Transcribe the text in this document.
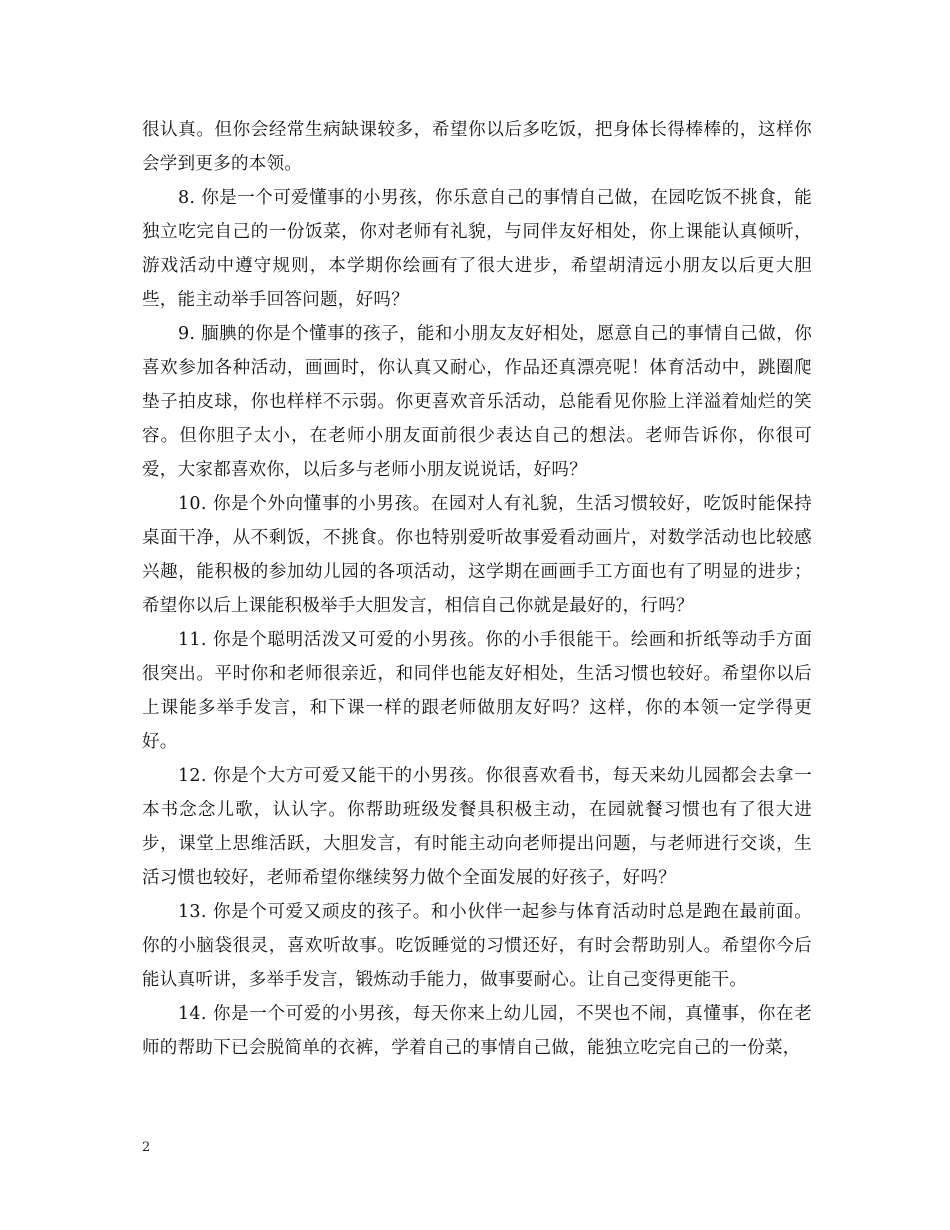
很认真。但你会经常生病缺课较多，希望你以后多吃饭，把身体长得棒棒的，这样你会学到更多的本领。

8. 你是一个可爱懂事的小男孩，你乐意自己的事情自己做，在园吃饭不挑食，能独立吃完自己的一份饭菜，你对老师有礼貌，与同伴友好相处，你上课能认真倾听，游戏活动中遵守规则，本学期你绘画有了很大进步，希望胡清远小朋友以后更大胆些，能主动举手回答问题，好吗？

9. 腼腆的你是个懂事的孩子，能和小朋友友好相处，愿意自己的事情自己做，你喜欢参加各种活动，画画时，你认真又耐心，作品还真漂亮呢！体育活动中，跳圈爬垫子拍皮球，你也样样不示弱。你更喜欢音乐活动，总能看见你脸上洋溢着灿烂的笑容。但你胆子太小，在老师小朋友面前很少表达自己的想法。老师告诉你，你很可爱，大家都喜欢你，以后多与老师小朋友说说话，好吗？

10. 你是个外向懂事的小男孩。在园对人有礼貌，生活习惯较好，吃饭时能保持桌面干净，从不剩饭，不挑食。你也特别爱听故事爱看动画片，对数学活动也比较感兴趣，能积极的参加幼儿园的各项活动，这学期在画画手工方面也有了明显的进步；希望你以后上课能积极举手大胆发言，相信自己你就是最好的，行吗？

11. 你是个聪明活泼又可爱的小男孩。你的小手很能干。绘画和折纸等动手方面很突出。平时你和老师很亲近，和同伴也能友好相处，生活习惯也较好。希望你以后上课能多举手发言，和下课一样的跟老师做朋友好吗？这样，你的本领一定学得更好。

12. 你是个大方可爱又能干的小男孩。你很喜欢看书，每天来幼儿园都会去拿一本书念念儿歌，认认字。你帮助班级发餐具积极主动，在园就餐习惯也有了很大进步，课堂上思维活跃，大胆发言，有时能主动向老师提出问题，与老师进行交谈，生活习惯也较好，老师希望你继续努力做个全面发展的好孩子，好吗？

13. 你是个可爱又顽皮的孩子。和小伙伴一起参与体育活动时总是跑在最前面。你的小脑袋很灵，喜欢听故事。吃饭睡觉的习惯还好，有时会帮助别人。希望你今后能认真听讲，多举手发言，锻炼动手能力，做事要耐心。让自己变得更能干。

14. 你是一个可爱的小男孩，每天你来上幼儿园，不哭也不闹，真懂事，你在老师的帮助下已会脱简单的衣裤，学着自己的事情自己做，能独立吃完自己的一份菜，

2
